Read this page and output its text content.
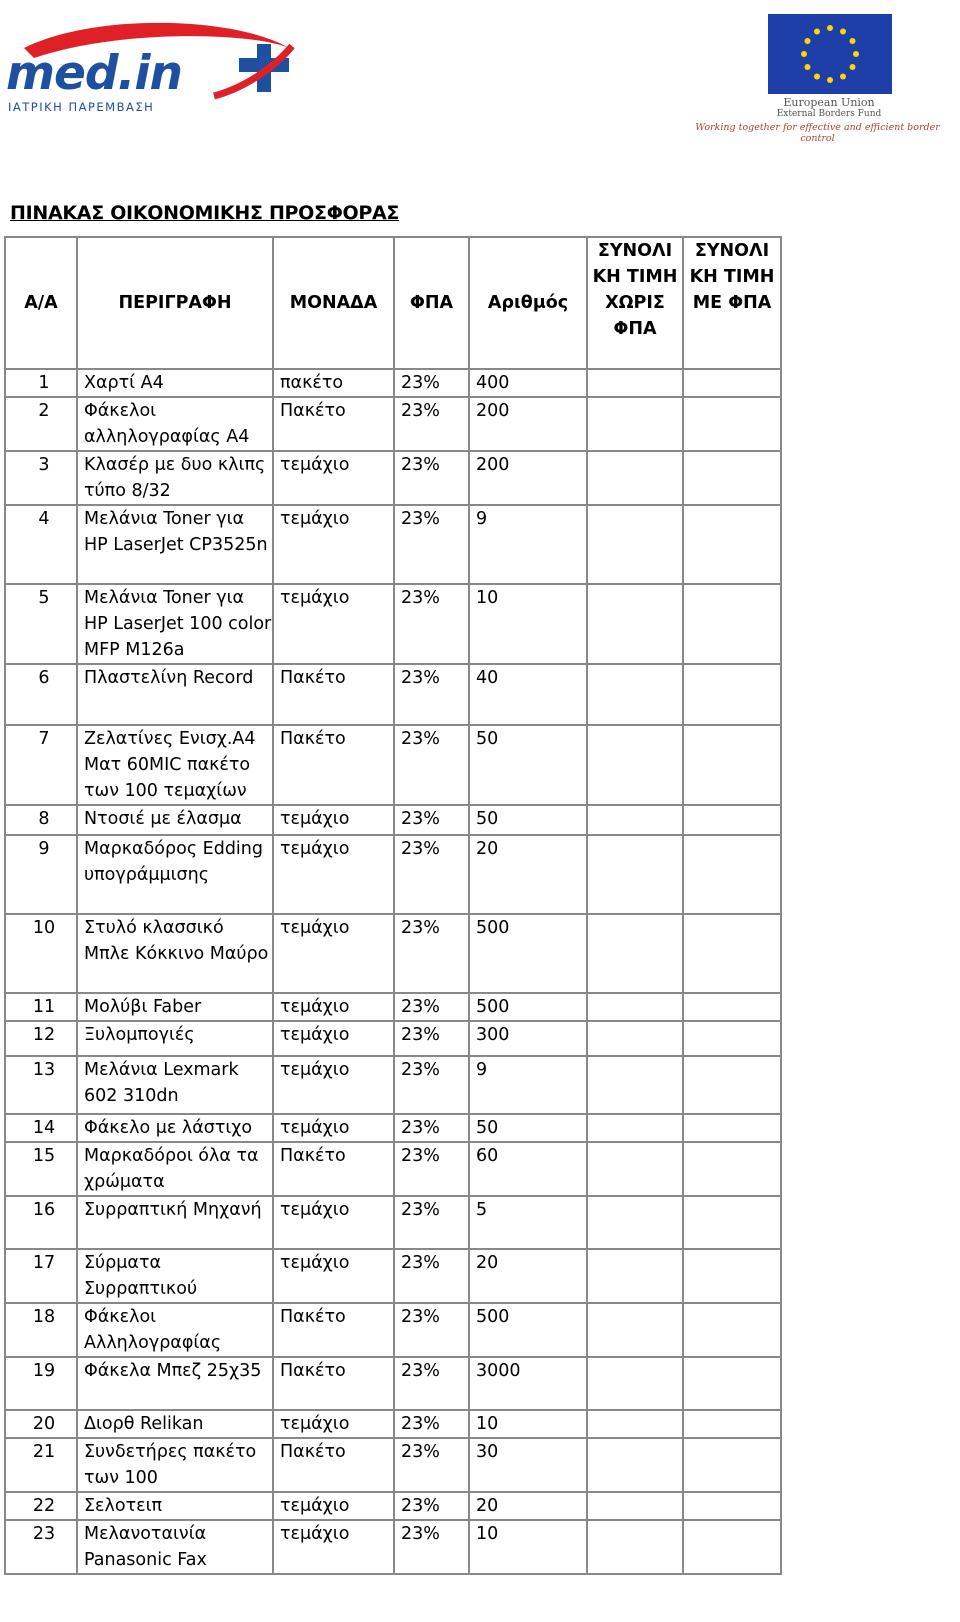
med.in
ΙΑΤΡΙΚΗ ΠΑΡΕΜΒΑΣΗ	European Union
External Borders Fund
Working together for effective and efficient border control
ΠΙΝΑΚΑΣ ΟΙΚΟΝΟΜΙΚΗΣ ΠΡΟΣΦΟΡΑΣ
Α/Α	ΠΕΡΙΓΡΑΦΗ	ΜΟΝΑΔΑ	ΦΠΑ	Αριθμός	ΣΥΝΟΛΙ ΚΗ ΤΙΜΗ ΧΩΡΙΣ ΦΠΑ	ΣΥΝΟΛΙ ΚΗ ΤΙΜΗ ΜΕ ΦΠΑ
1	Χαρτί Α4	πακέτο	23%	400		
2	Φάκελοι αλληλογραφίας Α4	Πακέτο	23%	200		
3	Κλασέρ με δυο κλιπς τύπο 8/32	τεμάχιο	23%	200		
4	Μελάνια Toner για HP LaserJet CP3525n	τεμάχιο	23%	9		
5	Μελάνια Toner για HP LaserJet 100 color MFP M126a	τεμάχιο	23%	10		
6	Πλαστελίνη Record	Πακέτο	23%	40		
7	Ζελατίνες Ενισχ.Α4 Ματ 60MIC πακέτο των 100 τεμαχίων	Πακέτο	23%	50		
8	Ντοσιέ με έλασμα	τεμάχιο	23%	50		
9	Μαρκαδόρος Edding υπογράμμισης	τεμάχιο	23%	20		
10	Στυλό κλασσικό Μπλε Κόκκινο Μαύρο	τεμάχιο	23%	500		
11	Μολύβι Faber	τεμάχιο	23%	500		
12	Ξυλομπογιές	τεμάχιο	23%	300		
13	Μελάνια Lexmark 602 310dn	τεμάχιο	23%	9		
14	Φάκελο με λάστιχο	τεμάχιο	23%	50		
15	Μαρκαδόροι όλα τα χρώματα	Πακέτο	23%	60		
16	Συρραπτική Μηχανή	τεμάχιο	23%	5		
17	Σύρματα Συρραπτικού	τεμάχιο	23%	20		
18	Φάκελοι Αλληλογραφίας	Πακέτο	23%	500		
19	Φάκελα Μπεζ 25χ35	Πακέτο	23%	3000		
20	Διορθ Relikan	τεμάχιο	23%	10		
21	Συνδετήρες πακέτο των 100	Πακέτο	23%	30		
22	Σελοτειπ	τεμάχιο	23%	20		
23	Μελανοταινία Panasonic Fax	τεμάχιο	23%	10		
